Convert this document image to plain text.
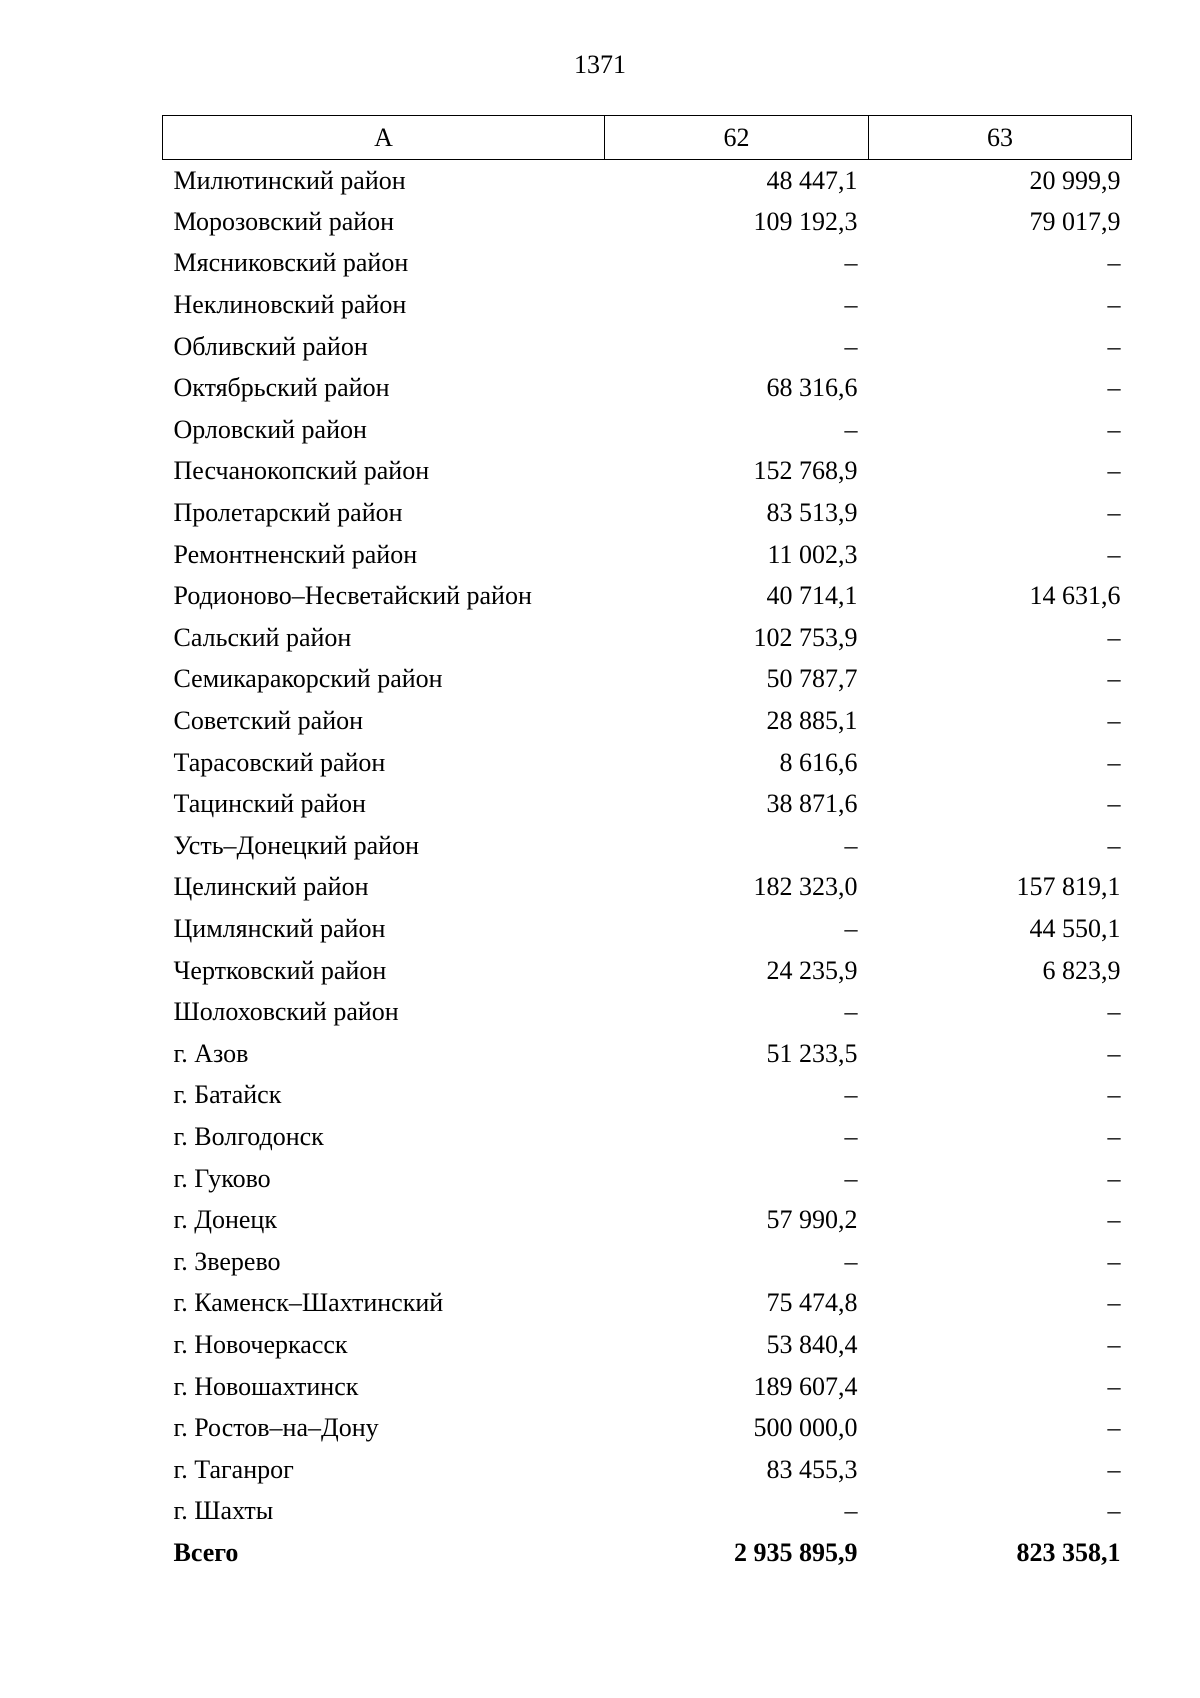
1371
А	62	63
Милютинский район	48 447,1	20 999,9
Морозовский район	109 192,3	79 017,9
Мясниковский район	–	–
Неклиновский район	–	–
Обливский район	–	–
Октябрьский район	68 316,6	–
Орловский район	–	–
Песчанокопский район	152 768,9	–
Пролетарский район	83 513,9	–
Ремонтненский район	11 002,3	–
Родионово–Несветайский район	40 714,1	14 631,6
Сальский район	102 753,9	–
Семикаракорский район	50 787,7	–
Советский район	28 885,1	–
Тарасовский район	8 616,6	–
Тацинский район	38 871,6	–
Усть–Донецкий район	–	–
Целинский район	182 323,0	157 819,1
Цимлянский район	–	44 550,1
Чертковский район	24 235,9	6 823,9
Шолоховский район	–	–
г. Азов	51 233,5	–
г. Батайск	–	–
г. Волгодонск	–	–
г. Гуково	–	–
г. Донецк	57 990,2	–
г. Зверево	–	–
г. Каменск–Шахтинский	75 474,8	–
г. Новочеркасск	53 840,4	–
г. Новошахтинск	189 607,4	–
г. Ростов–на–Дону	500 000,0	–
г. Таганрог	83 455,3	–
г. Шахты	–	–
Всего	2 935 895,9	823 358,1
